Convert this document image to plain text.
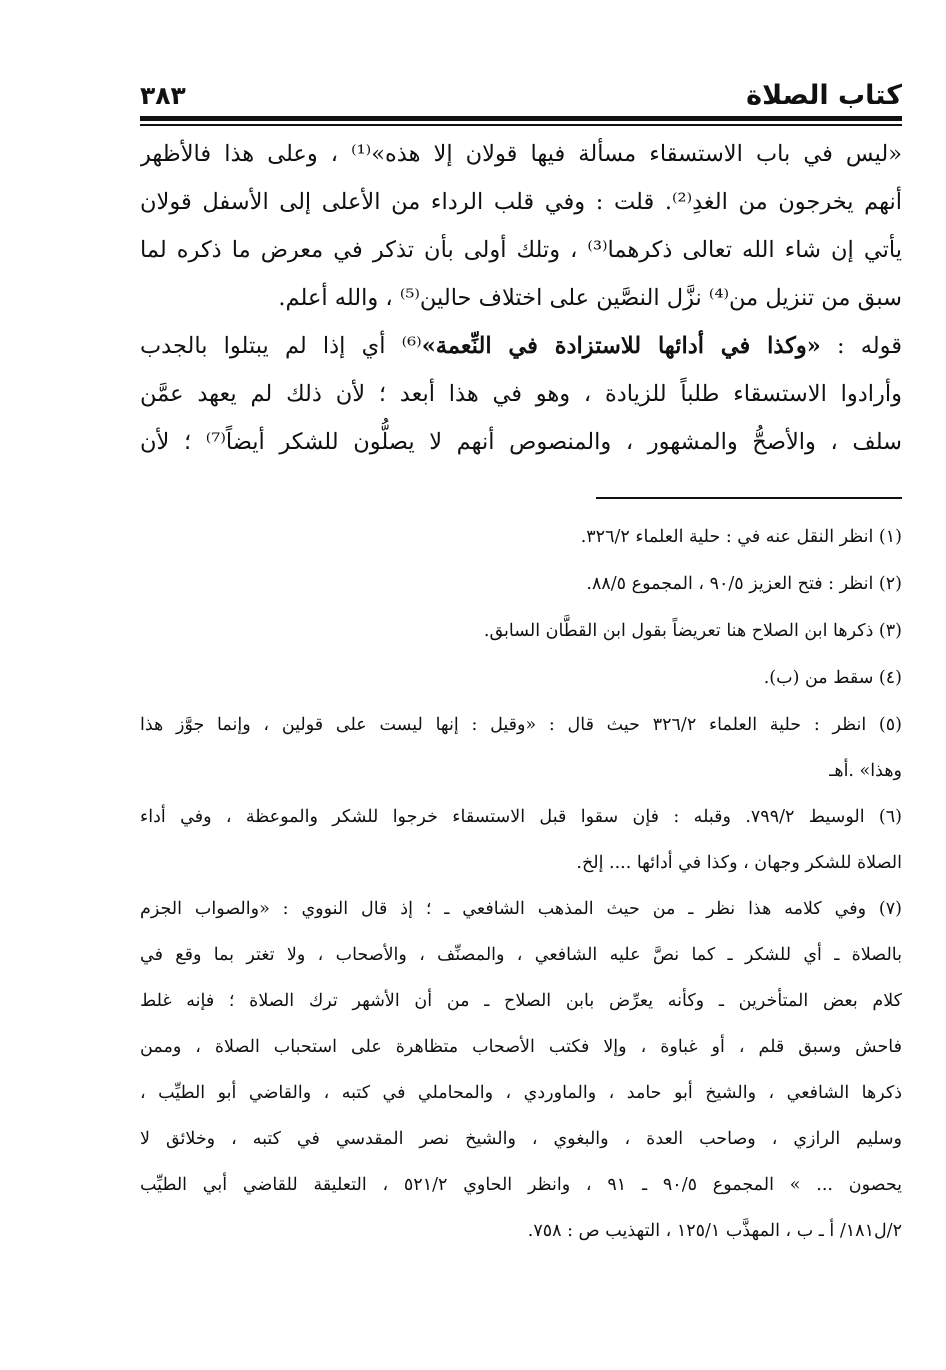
كتاب الصلاة
٣٨٣
«ليس في باب الاستسقاء مسألة فيها قولان إلا هذه»⁽¹⁾ ، وعلى هذا فالأظهر
أنهم يخرجون من الغدِ⁽²⁾. قلت : وفي قلب الرداء من الأعلى إلى الأسفل قولان
يأتي إن شاء الله تعالى ذكرهما⁽³⁾ ، وتلك أولى بأن تذكر في معرض ما ذكره لما
سبق من تنزيل من⁽⁴⁾ نزَّل النصَّين على اختلاف حالين⁽⁵⁾ ، والله أعلم.
قوله : «وكذا في أدائها للاستزادة في النِّعمة»⁽⁶⁾ أي إذا لم يبتلوا بالجدب
وأرادوا الاستسقاء طلباً للزيادة ، وهو في هذا أبعد ؛ لأن ذلك لم يعهد عمَّن
سلف ، والأصحُّ والمشهور ، والمنصوص أنهم لا يصلُّون للشكر أيضاً⁽⁷⁾ ؛ لأن
(١) انظر النقل عنه في : حلية العلماء ٣٢٦/٢.
(٢) انظر : فتح العزيز ٩٠/٥ ، المجموع ٨٨/٥.
(٣) ذكرها ابن الصلاح هنا تعريضاً بقول ابن القطَّان السابق.
(٤) سقط من (ب).
(٥) انظر : حلية العلماء ٣٢٦/٢ حيث قال : «وقيل : إنها ليست على قولين ، وإنما جوَّز هذا
وهذا» .أهـ
(٦) الوسيط ٧٩٩/٢. وقبله : فإن سقوا قبل الاستسقاء خرجوا للشكر والموعظة ، وفي أداء
الصلاة للشكر وجهان ، وكذا في أدائها .... إلخ.
(٧) وفي كلامه هذا نظر ـ من حيث المذهب الشافعي ـ ؛ إذ قال النووي : «والصواب الجزم
بالصلاة ـ أي للشكر ـ كما نصَّ عليه الشافعي ، والمصنِّف ، والأصحاب ، ولا تغتر بما وقع في
كلام بعض المتأخرين ـ وكأنه يعرِّض بابن الصلاح ـ من أن الأشهر ترك الصلاة ؛ فإنه غلط
فاحش وسبق قلم ، أو غباوة ، وإلا فكتب الأصحاب متظاهرة على استحباب الصلاة ، وممن
ذكرها الشافعي ، والشيخ أبو حامد ، والماوردي ، والمحاملي في كتبه ، والقاضي أبو الطيِّب ،
وسليم الرازي ، وصاحب العدة ، والبغوي ، والشيخ نصر المقدسي في كتبه ، وخلائق لا
يحصون ... » المجموع ٩٠/٥ ـ ٩١ ، وانظر الحاوي ٥٢١/٢ ، التعليقة للقاضي أبي الطيِّب
٢/ل١٨١/ أ ـ ب ، المهذَّب ١٢٥/١ ، التهذيب ص : ٧٥٨.
